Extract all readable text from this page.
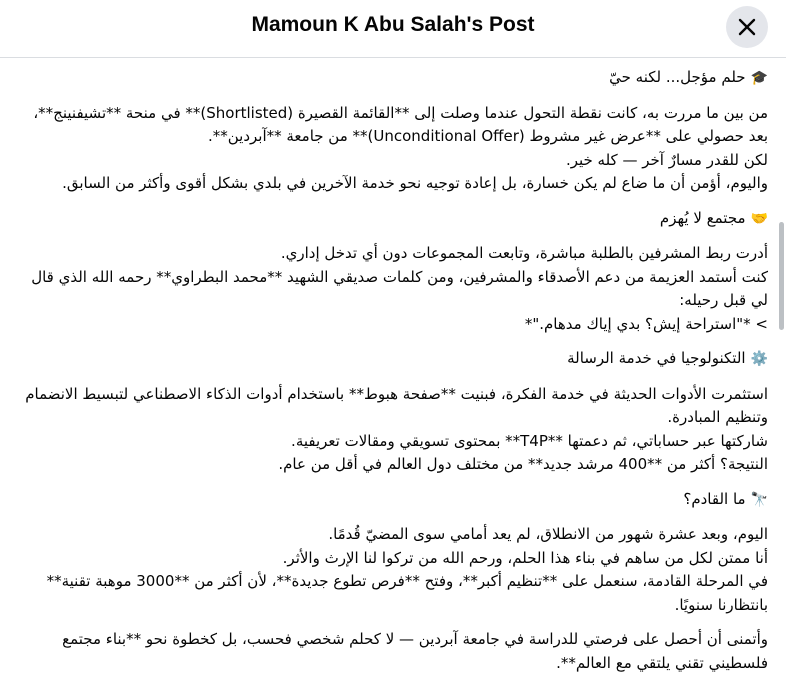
Mamoun K Abu Salah's Post

🎓حلم مؤجل... لكنه حيّ

من بين ما مررت به، كانت نقطة التحول عندما وصلت إلى **القائمة القصيرة (Shortlisted)** في منحة **تشيفنينج**، بعد حصولي على **عرض غير مشروط (Unconditional Offer)** من جامعة **آبردين**.

لكن للقدر مسارٌ آخر — كله خير.

واليوم، أؤمن أن ما ضاع لم يكن خسارة، بل إعادة توجيه نحو خدمة الآخرين في بلدي بشكل أقوى وأكثر من السابق.

🤝مجتمع لا يُهزم

أدرت ربط المشرفين بالطلبة مباشرة، وتابعت المجموعات دون أي تدخل إداري.

كنت أستمد العزيمة من دعم الأصدقاء والمشرفين، ومن كلمات صديقي الشهيد **محمد البطراوي** رحمه الله الذي قال لي قبل رحيله:

> *"استراحة إيش؟ بدي إياك مدهام."*

⚙️التكنولوجيا في خدمة الرسالة

استثمرت الأدوات الحديثة في خدمة الفكرة، فبنيت **صفحة هبوط** باستخدام أدوات الذكاء الاصطناعي لتبسيط الانضمام وتنظيم المبادرة.

شاركتها عبر حساباتي، ثم دعمتها **T4P** بمحتوى تسويقي ومقالات تعريفية.

النتيجة؟ أكثر من **400 مرشد جديد** من مختلف دول العالم في أقل من عام.

🔭ما القادم؟

اليوم، وبعد عشرة شهور من الانطلاق، لم يعد أمامي سوى المضيّ قُدمًا.

أنا ممتن لكل من ساهم في بناء هذا الحلم، ورحم الله من تركوا لنا الإرث والأثر.

في المرحلة القادمة، سنعمل على **تنظيم أكبر**، وفتح **فرص تطوع جديدة**، لأن أكثر من **3000 موهبة تقنية** بانتظارنا سنويًا.

وأتمنى أن أحصل على فرصتي للدراسة في جامعة آبردين — لا كحلم شخصي فحسب، بل كخطوة نحو **بناء مجتمع فلسطيني تقني يلتقي مع العالم**.
